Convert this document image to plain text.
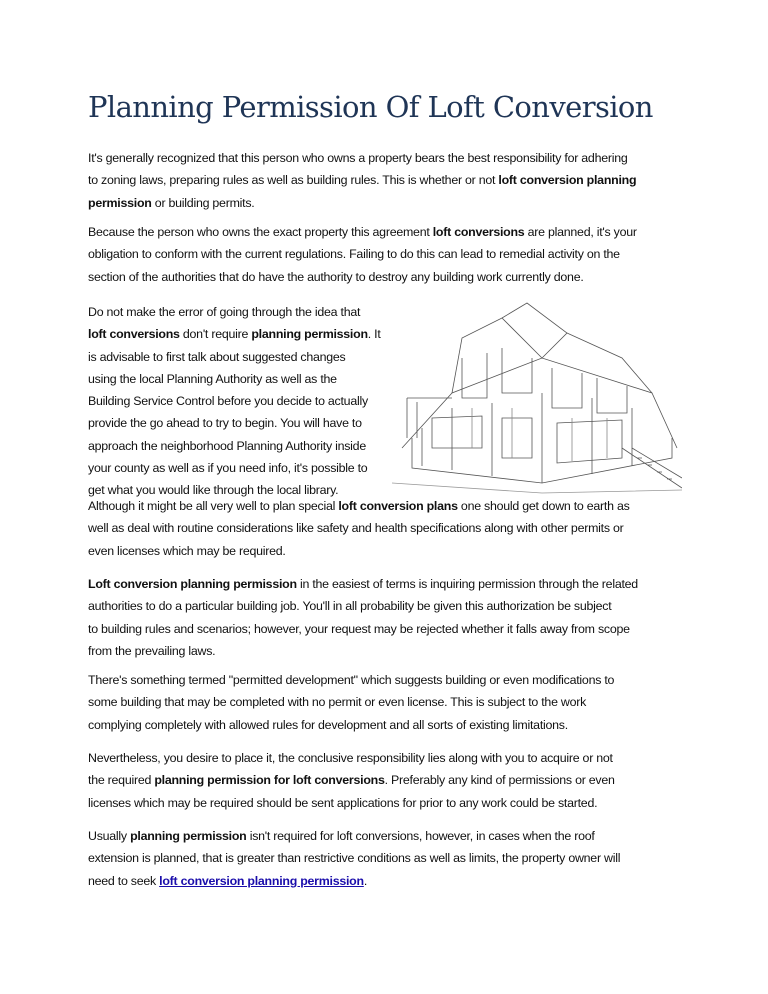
Planning Permission Of Loft Conversion
It's generally recognized that this person who owns a property bears the best responsibility for adhering
to zoning laws, preparing rules as well as building rules. This is whether or not loft conversion planning
permission or building permits.
Because the person who owns the exact property this agreement loft conversions are planned, it's your
obligation to conform with the current regulations. Failing to do this can lead to remedial activity on the
section of the authorities that do have the authority to destroy any building work currently done.
Do not make the error of going through the idea that
loft conversions don't require planning permission. It
is advisable to first talk about suggested changes
using the local Planning Authority as well as the
Building Service Control before you decide to actually
provide the go ahead to try to begin. You will have to
approach the neighborhood Planning Authority inside
your county as well as if you need info, it's possible to
get what you would like through the local library.
Although it might be all very well to plan special loft conversion plans one should get down to earth as
well as deal with routine considerations like safety and health specifications along with other permits or
even licenses which may be required.
Loft conversion planning permission in the easiest of terms is inquiring permission through the related
authorities to do a particular building job. You'll in all probability be given this authorization be subject
to building rules and scenarios; however, your request may be rejected whether it falls away from scope
from the prevailing laws.
There's something termed "permitted development" which suggests building or even modifications to
some building that may be completed with no permit or even license. This is subject to the work
complying completely with allowed rules for development and all sorts of existing limitations.
Nevertheless, you desire to place it, the conclusive responsibility lies along with you to acquire or not
the required planning permission for loft conversions. Preferably any kind of permissions or even
licenses which may be required should be sent applications for prior to any work could be started.
Usually planning permission isn't required for loft conversions, however, in cases when the roof
extension is planned, that is greater than restrictive conditions as well as limits, the property owner will
need to seek loft conversion planning permission.
